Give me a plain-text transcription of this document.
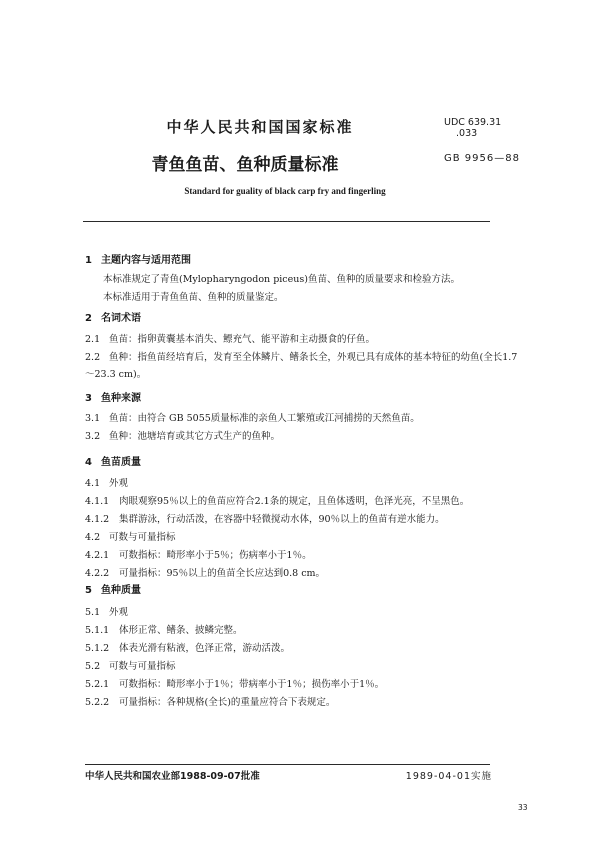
中华人民共和国国家标准	UDC 639.31
.033
青鱼鱼苗、鱼种质量标准	GB 9956—88
Standard for guality of black carp fry and fingerling
1 主题内容与适用范围
本标准规定了青鱼(Mylopharyngodon piceus)鱼苗、鱼种的质量要求和检验方法。
本标准适用于青鱼鱼苗、鱼种的质量鉴定。
2 名词术语
2.1 鱼苗：指卵黄囊基本消失、鳔充气、能平游和主动摄食的仔鱼。
2.2 鱼种：指鱼苗经培育后，发育至全体鳞片、鳍条长全，外观已具有成体的基本特征的幼鱼(全长1.7
～23.3 cm)。
3 鱼种来源
3.1 鱼苗：由符合 GB 5055质量标准的亲鱼人工繁殖或江河捕捞的天然鱼苗。
3.2 鱼种：池塘培育或其它方式生产的鱼种。
4 鱼苗质量
4.1 外观
4.1.1 肉眼观察95％以上的鱼苗应符合2.1条的规定，且鱼体透明，色泽光亮，不呈黑色。
4.1.2 集群游泳，行动活泼，在容器中轻微搅动水体，90％以上的鱼苗有逆水能力。
4.2 可数与可量指标
4.2.1 可数指标：畸形率小于5％；伤病率小于1％。
4.2.2 可量指标：95％以上的鱼苗全长应达到0.8 cm。
5 鱼种质量
5.1 外观
5.1.1 体形正常、鳍条、披鳞完整。
5.1.2 体表光滑有粘液，色泽正常，游动活泼。
5.2 可数与可量指标
5.2.1 可数指标：畸形率小于1％；带病率小于1％；损伤率小于1％。
5.2.2 可量指标：各种规格(全长)的重量应符合下表规定。
中华人民共和国农业部1988-09-07批准	1989-04-01实施
33
